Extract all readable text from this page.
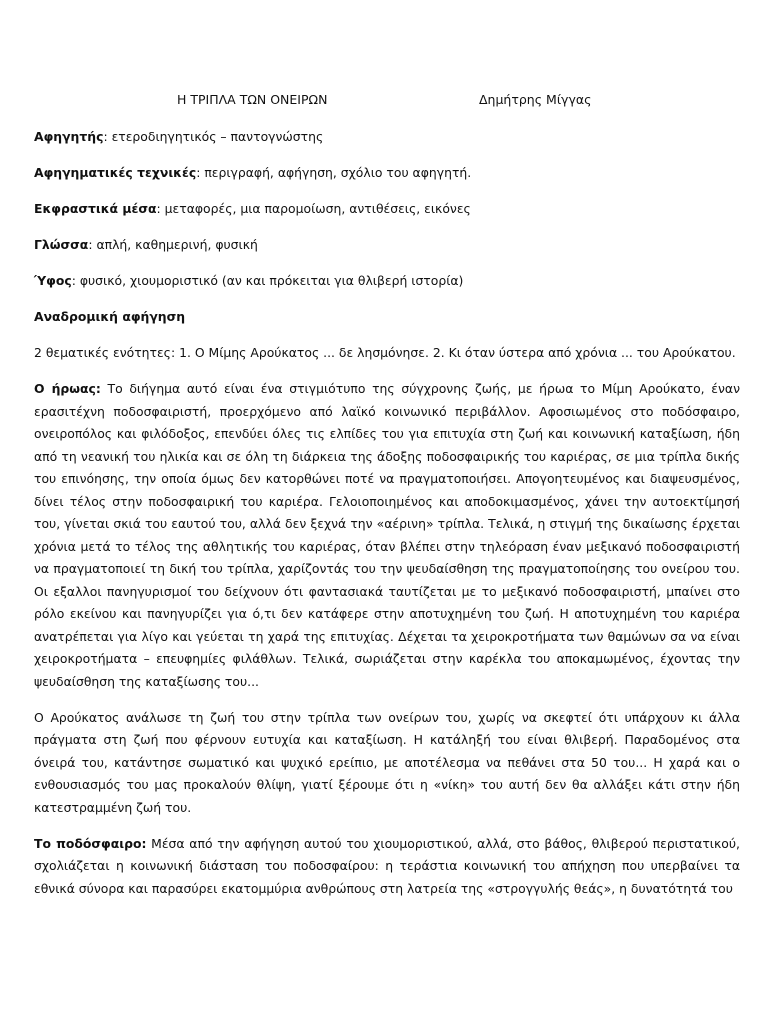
Η ΤΡΙΠΛΑ ΤΩΝ ΟΝΕΙΡΩΝ	Δημήτρης Μίγγας
Αφηγητής: ετεροδιηγητικός – παντογνώστης
Αφηγηματικές τεχνικές: περιγραφή, αφήγηση, σχόλιο του αφηγητή.
Εκφραστικά μέσα: μεταφορές, μια παρομοίωση, αντιθέσεις, εικόνες
Γλώσσα: απλή, καθημερινή, φυσική
Ύφος: φυσικό, χιουμοριστικό (αν και πρόκειται για θλιβερή ιστορία)
Αναδρομική αφήγηση

2 θεματικές ενότητες: 1. Ο Μίμης Αρούκατος ... δε λησμόνησε. 2. Κι όταν ύστερα από χρόνια ... του Αρούκατου.

Ο ήρωας: Το διήγημα αυτό είναι ένα στιγμιότυπο της σύγχρονης ζωής, με ήρωα το Μίμη Αρούκατο, έναν ερασιτέχνη ποδοσφαιριστή, προερχόμενο από λαϊκό κοινωνικό περιβάλλον. Αφοσιωμένος στο ποδόσφαιρο, ονειροπόλος και φιλόδοξος, επενδύει όλες τις ελπίδες του για επιτυχία στη ζωή και κοινωνική καταξίωση, ήδη από τη νεανική του ηλικία και σε όλη τη διάρκεια της άδοξης ποδοσφαιρικής του καριέρας, σε μια τρίπλα δικής του επινόησης, την οποία όμως δεν κατορθώνει ποτέ να πραγματοποιήσει. Απογοητευμένος και διαψευσμένος, δίνει τέλος στην ποδοσφαιρική του καριέρα. Γελοιοποιημένος και αποδοκιμασμένος, χάνει την αυτοεκτίμησή του, γίνεται σκιά του εαυτού του, αλλά δεν ξεχνά την «αέρινη» τρίπλα. Τελικά, η στιγμή της δικαίωσης έρχεται χρόνια μετά το τέλος της αθλητικής του καριέρας, όταν βλέπει στην τηλεόραση έναν μεξικανό ποδοσφαιριστή να πραγματοποιεί τη δική του τρίπλα, χαρίζοντάς του την ψευδαίσθηση της πραγματοποίησης του ονείρου του. Οι εξαλλοι πανηγυρισμοί του δείχνουν ότι φαντασιακά ταυτίζεται με το μεξικανό ποδοσφαιριστή, μπαίνει στο ρόλο εκείνου και πανηγυρίζει για ό,τι δεν κατάφερε στην αποτυχημένη του ζωή. Η αποτυχημένη του καριέρα ανατρέπεται για λίγο και γεύεται τη χαρά της επιτυχίας. Δέχεται τα χειροκροτήματα των θαμώνων σα να είναι χειροκροτήματα – επευφημίες φιλάθλων. Τελικά, σωριάζεται στην καρέκλα του αποκαμωμένος, έχοντας την ψευδαίσθηση της καταξίωσης του...

Ο Αρούκατος ανάλωσε τη ζωή του στην τρίπλα των ονείρων του, χωρίς να σκεφτεί ότι υπάρχουν κι άλλα πράγματα στη ζωή που φέρνουν ευτυχία και καταξίωση. Η κατάληξή του είναι θλιβερή. Παραδομένος στα όνειρά του, κατάντησε σωματικό και ψυχικό ερείπιο, με αποτέλεσμα να πεθάνει στα 50 του... Η χαρά και ο ενθουσιασμός του μας προκαλούν θλίψη, γιατί ξέρουμε ότι η «νίκη» του αυτή δεν θα αλλάξει κάτι στην ήδη κατεστραμμένη ζωή του.

Το ποδόσφαιρο: Μέσα από την αφήγηση αυτού του χιουμοριστικού, αλλά, στο βάθος, θλιβερού περιστατικού, σχολιάζεται η κοινωνική διάσταση του ποδοσφαίρου: η τεράστια κοινωνική του απήχηση που υπερβαίνει τα εθνικά σύνορα και παρασύρει εκατομμύρια ανθρώπους στη λατρεία της «στρογγυλής θεάς», η δυνατότητά του
